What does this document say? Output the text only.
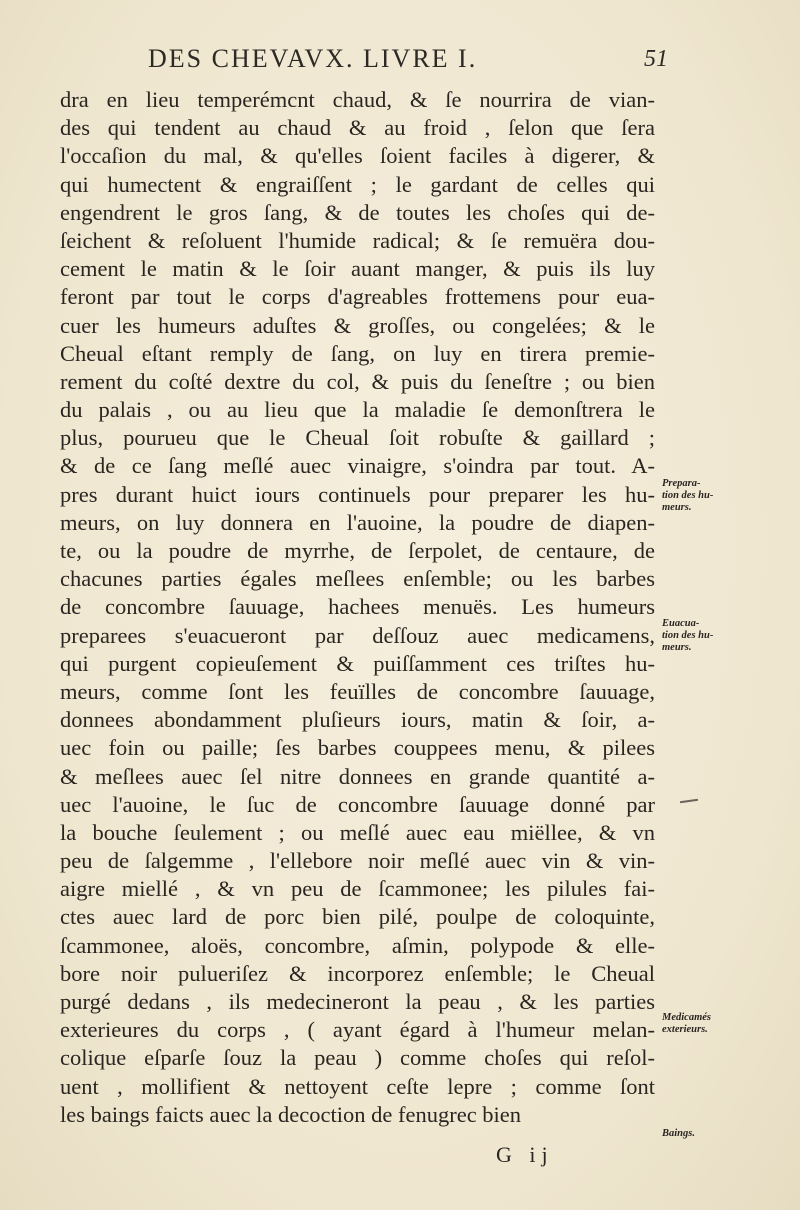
DES CHEVAVX. LIVRE I.	51
dra en lieu temperémcnt chaud, & ſe nourrira de vian-
des qui tendent au chaud & au froid , ſelon que ſera
l'occaſion du mal, & qu'elles ſoient faciles à digerer, &
qui humectent & engraiſſent ; le gardant de celles qui
engendrent le gros ſang, & de toutes les choſes qui de-
ſeichent & reſoluent l'humide radical; & ſe remuëra dou-
cement le matin & le ſoir auant manger, & puis ils luy
feront par tout le corps d'agreables frottemens pour eua-
cuer les humeurs aduſtes & groſſes, ou congelées; & le
Cheual eſtant remply de ſang, on luy en tirera premie-
rement du coſté dextre du col, & puis du ſeneſtre ; ou bien
du palais , ou au lieu que la maladie ſe demonſtrera le
plus, pourueu que le Cheual ſoit robuſte & gaillard ;
& de ce ſang meſlé auec vinaigre, s'oindra par tout. A-
pres durant huict iours continuels pour preparer les hu-
meurs, on luy donnera en l'auoine, la poudre de diapen-
te, ou la poudre de myrrhe, de ſerpolet, de centaure, de
chacunes parties égales meſlees enſemble; ou les barbes
de concombre ſauuage, hachees menuës. Les humeurs
preparees s'euacueront par deſſouz auec medicamens,
qui purgent copieuſement & puiſſamment ces triſtes hu-
meurs, comme ſont les feuïlles de concombre ſauuage,
donnees abondamment pluſieurs iours, matin & ſoir, a-
uec foin ou paille; ſes barbes couppees menu, & pilees
& meſlees auec ſel nitre donnees en grande quantité a-
uec l'auoine, le ſuc de concombre ſauuage donné par
la bouche ſeulement ; ou meſlé auec eau miëllee, & vn
peu de ſalgemme , l'ellebore noir meſlé auec vin & vin-
aigre miellé , & vn peu de ſcammonee; les pilules fai-
ctes auec lard de porc bien pilé, poulpe de coloquinte,
ſcammonee, aloës, concombre, aſmin, polypode & elle-
bore noir pulueriſez & incorporez enſemble; le Cheual
purgé dedans , ils medecineront la peau , & les parties
exterieures du corps , ( ayant égard à l'humeur melan-
colique eſparſe ſouz la peau ) comme choſes qui reſol-
uent , mollifient & nettoyent ceſte lepre ; comme ſont
les baings faicts auec la decoction de fenugrec bien
Prepara-
tion des hu-
meurs.
Euacua-
tion des hu-
meurs.
Medicamés
exterieurs.
Baings.
G ij
